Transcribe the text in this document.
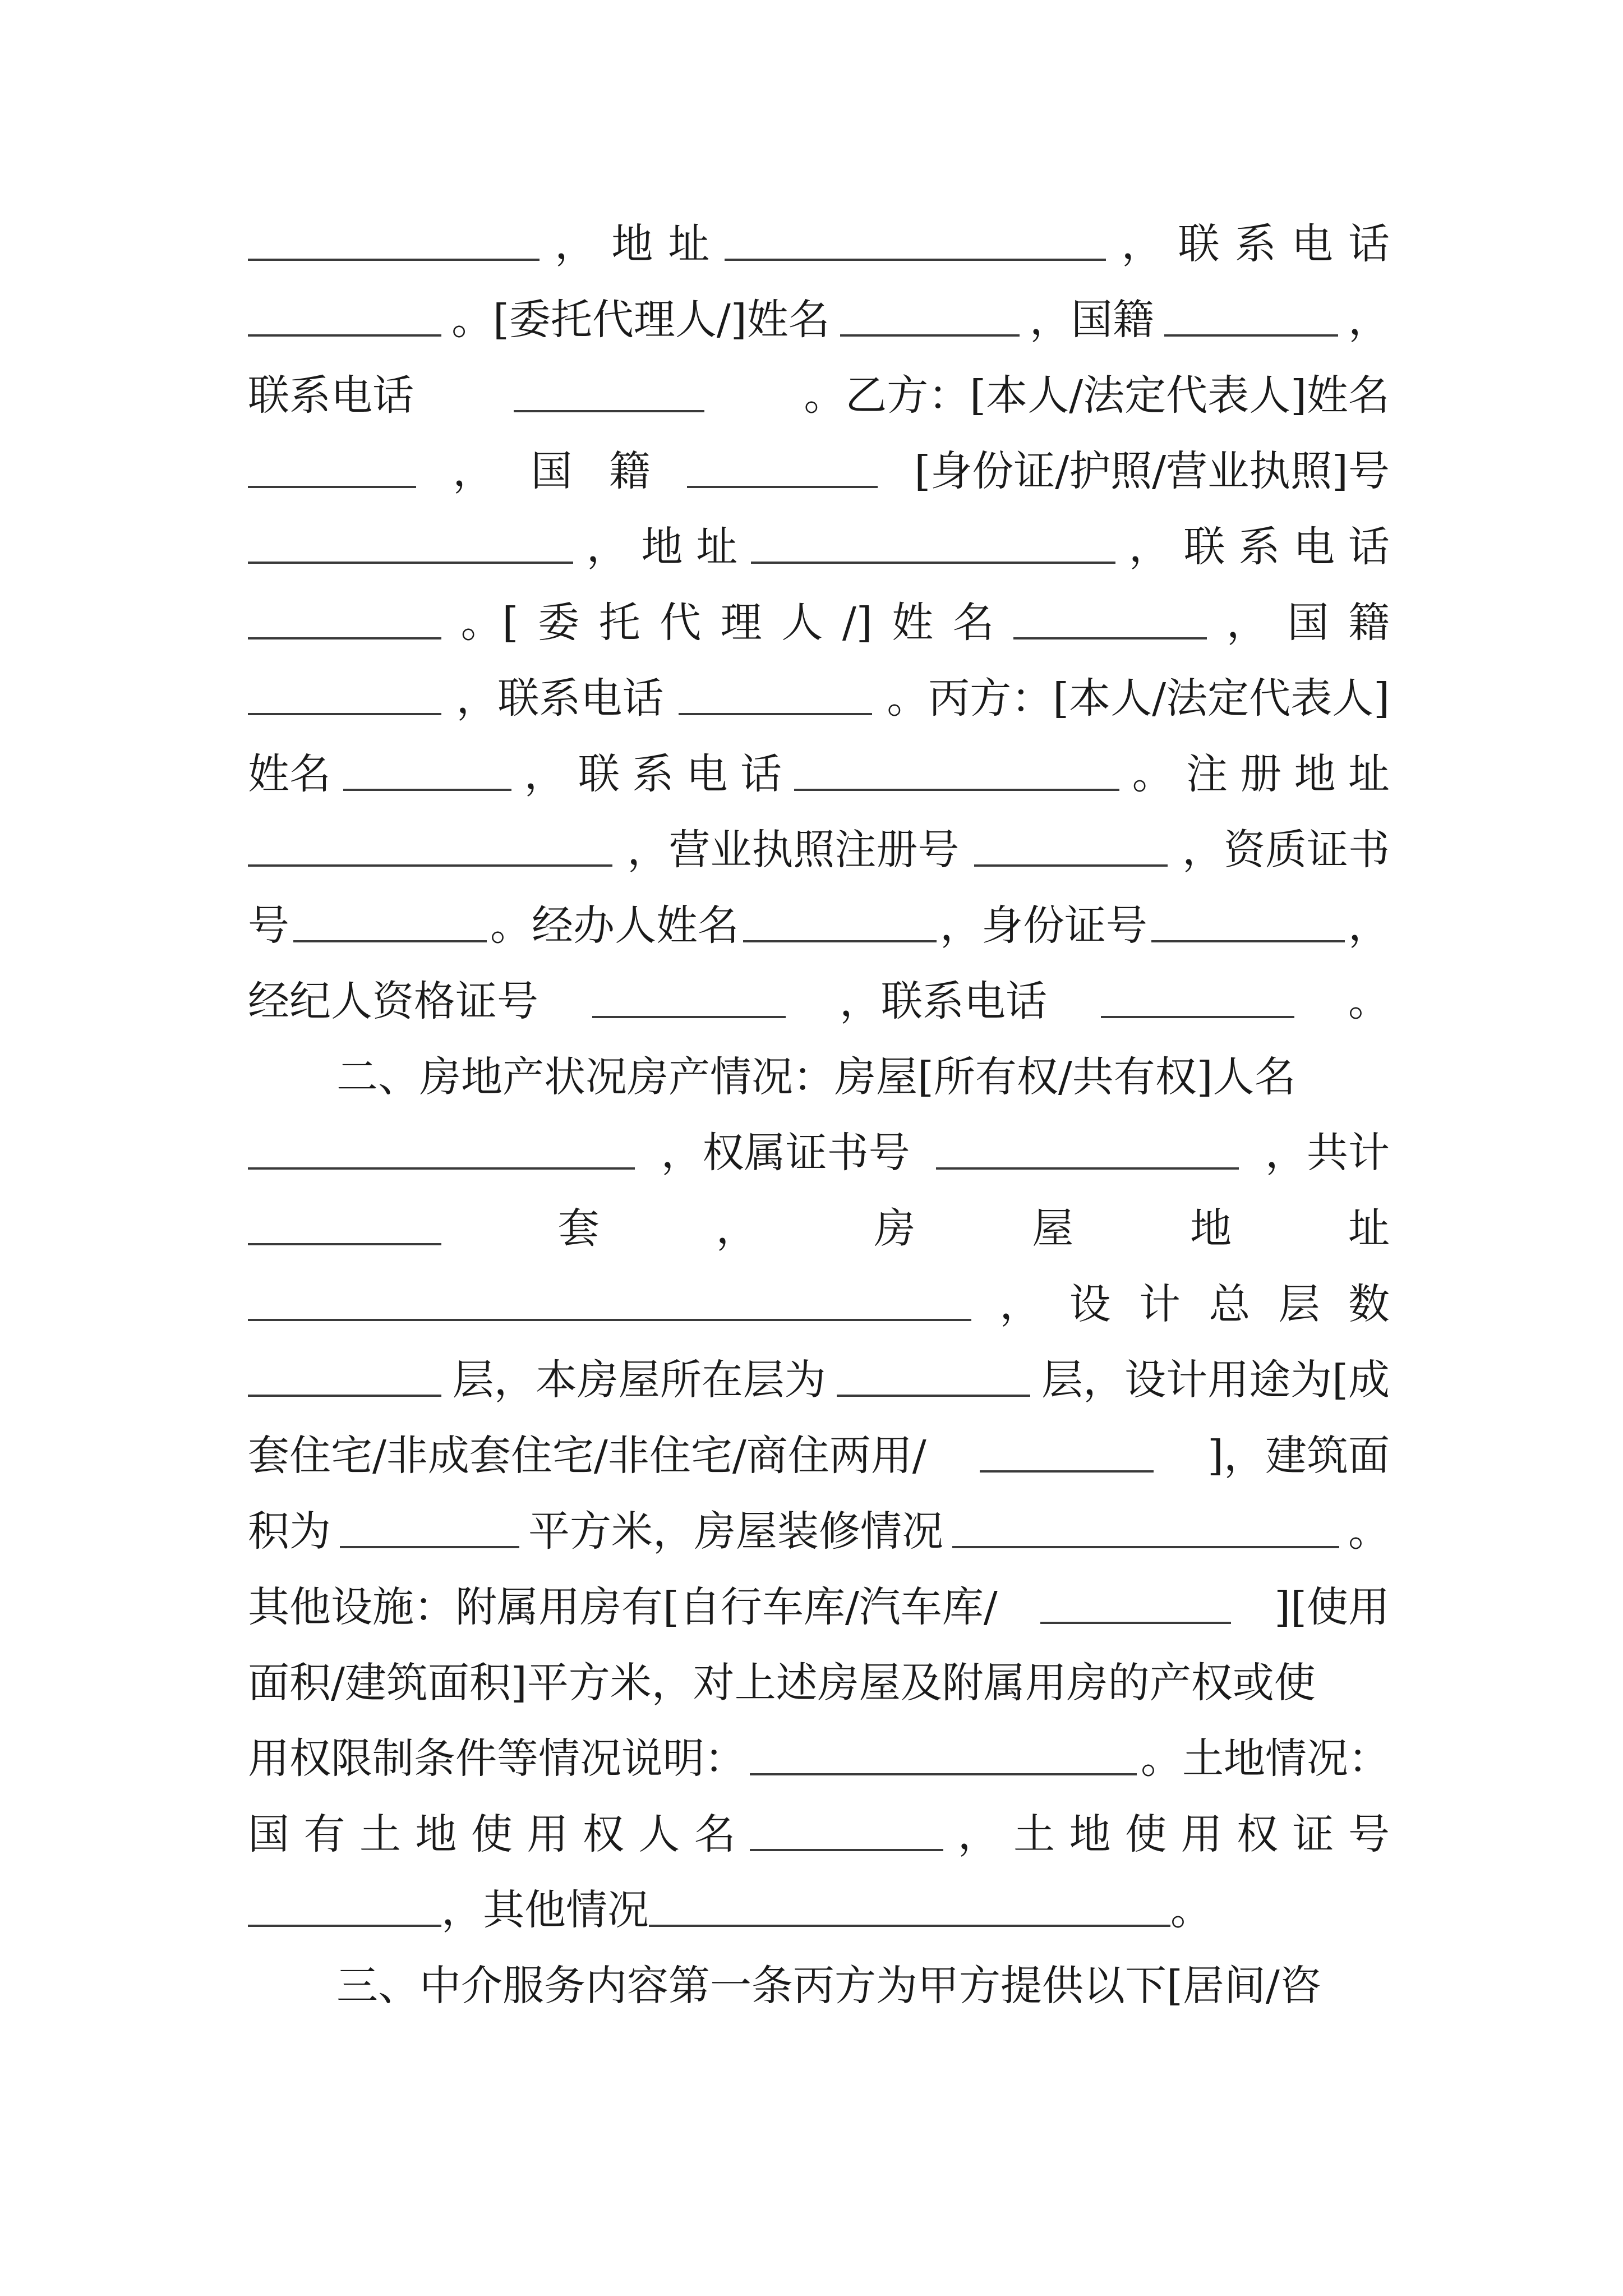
， 地 址	， 联 系 电 话
。[委托代理人/]姓名	，国籍	，
联系电话	。乙方：[本人/法定代表人]姓名
， 国 籍	[身份证/护照/营业执照]号
， 地 址	， 联 系 电 话
。[ 委 托 代 理 人 /] 姓 名	， 国 籍
，联系电话	。丙方：[本人/法定代表人]
姓名	， 联 系 电 话	。 注 册 地 址
，营业执照注册号	，资质证书
号	。经办人姓名	，身份证号	，
经纪人资格证号	，联系电话	。
二、房地产状况房产情况：房屋[所有权/共有权]人名
，权属证书号	，共计
套	，	房	屋	地	址
， 设 计 总 层 数
层，本房屋所在层为	层，设计用途为[成
套住宅/非成套住宅/非住宅/商住两用/	]，建筑面
积为	平方米，房屋装修情况	。
其他设施：附属用房有[自行车库/汽车库/	][使用
面积/建筑面积]平方米，对上述房屋及附属用房的产权或使
用权限制条件等情况说明：	。土地情况：
国 有 土 地 使 用 权 人 名	， 土 地 使 用 权 证 号
，其他情况	。
三、中介服务内容第一条丙方为甲方提供以下[居间/咨
